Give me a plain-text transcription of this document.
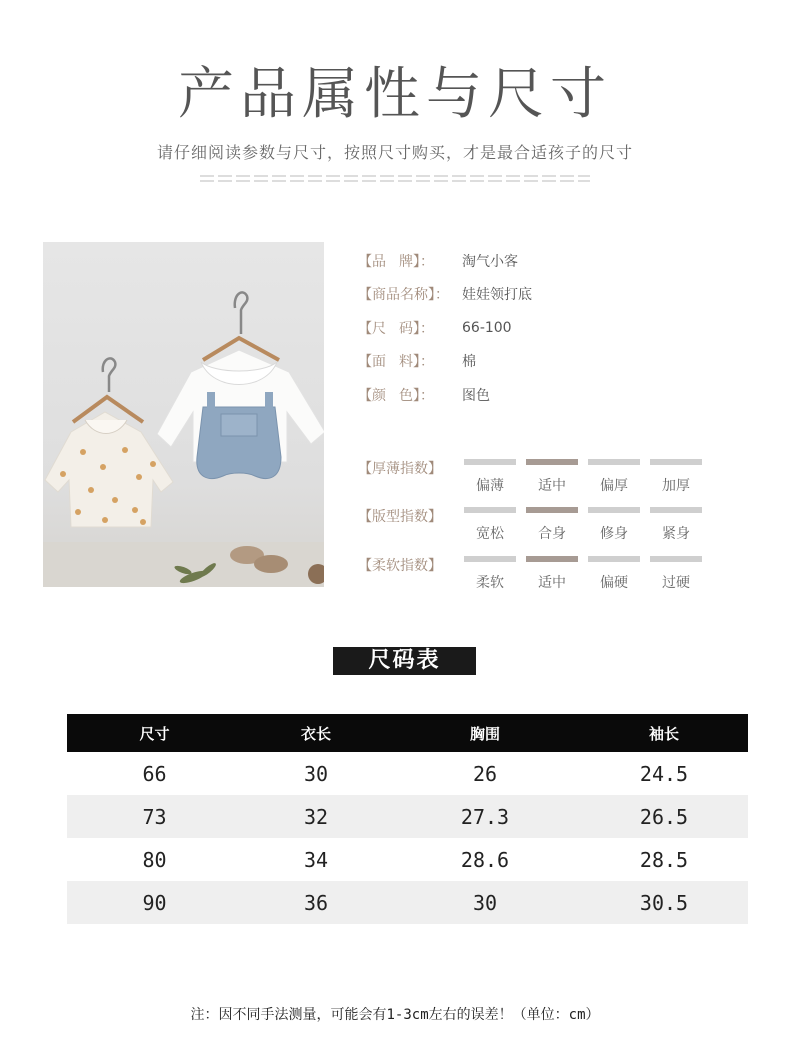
产品属性与尺寸
请仔细阅读参数与尺寸，按照尺寸购买，才是最合适孩子的尺寸
【品 牌】： 淘气小客
【商品名称】： 娃娃领打底
【尺 码】： 66-100
【面 料】： 棉
【颜 色】： 图色
【厚薄指数】
偏薄	适中	偏厚	加厚
【版型指数】
宽松	合身	修身	紧身
【柔软指数】
柔软	适中	偏硬	过硬
尺码表
尺寸	衣长	胸围	袖长
66	30	26	24.5
73	32	27.3	26.5
80	34	28.6	28.5
90	36	30	30.5
注：因不同手法测量，可能会有1-3cm左右的误差！（单位：cm）
